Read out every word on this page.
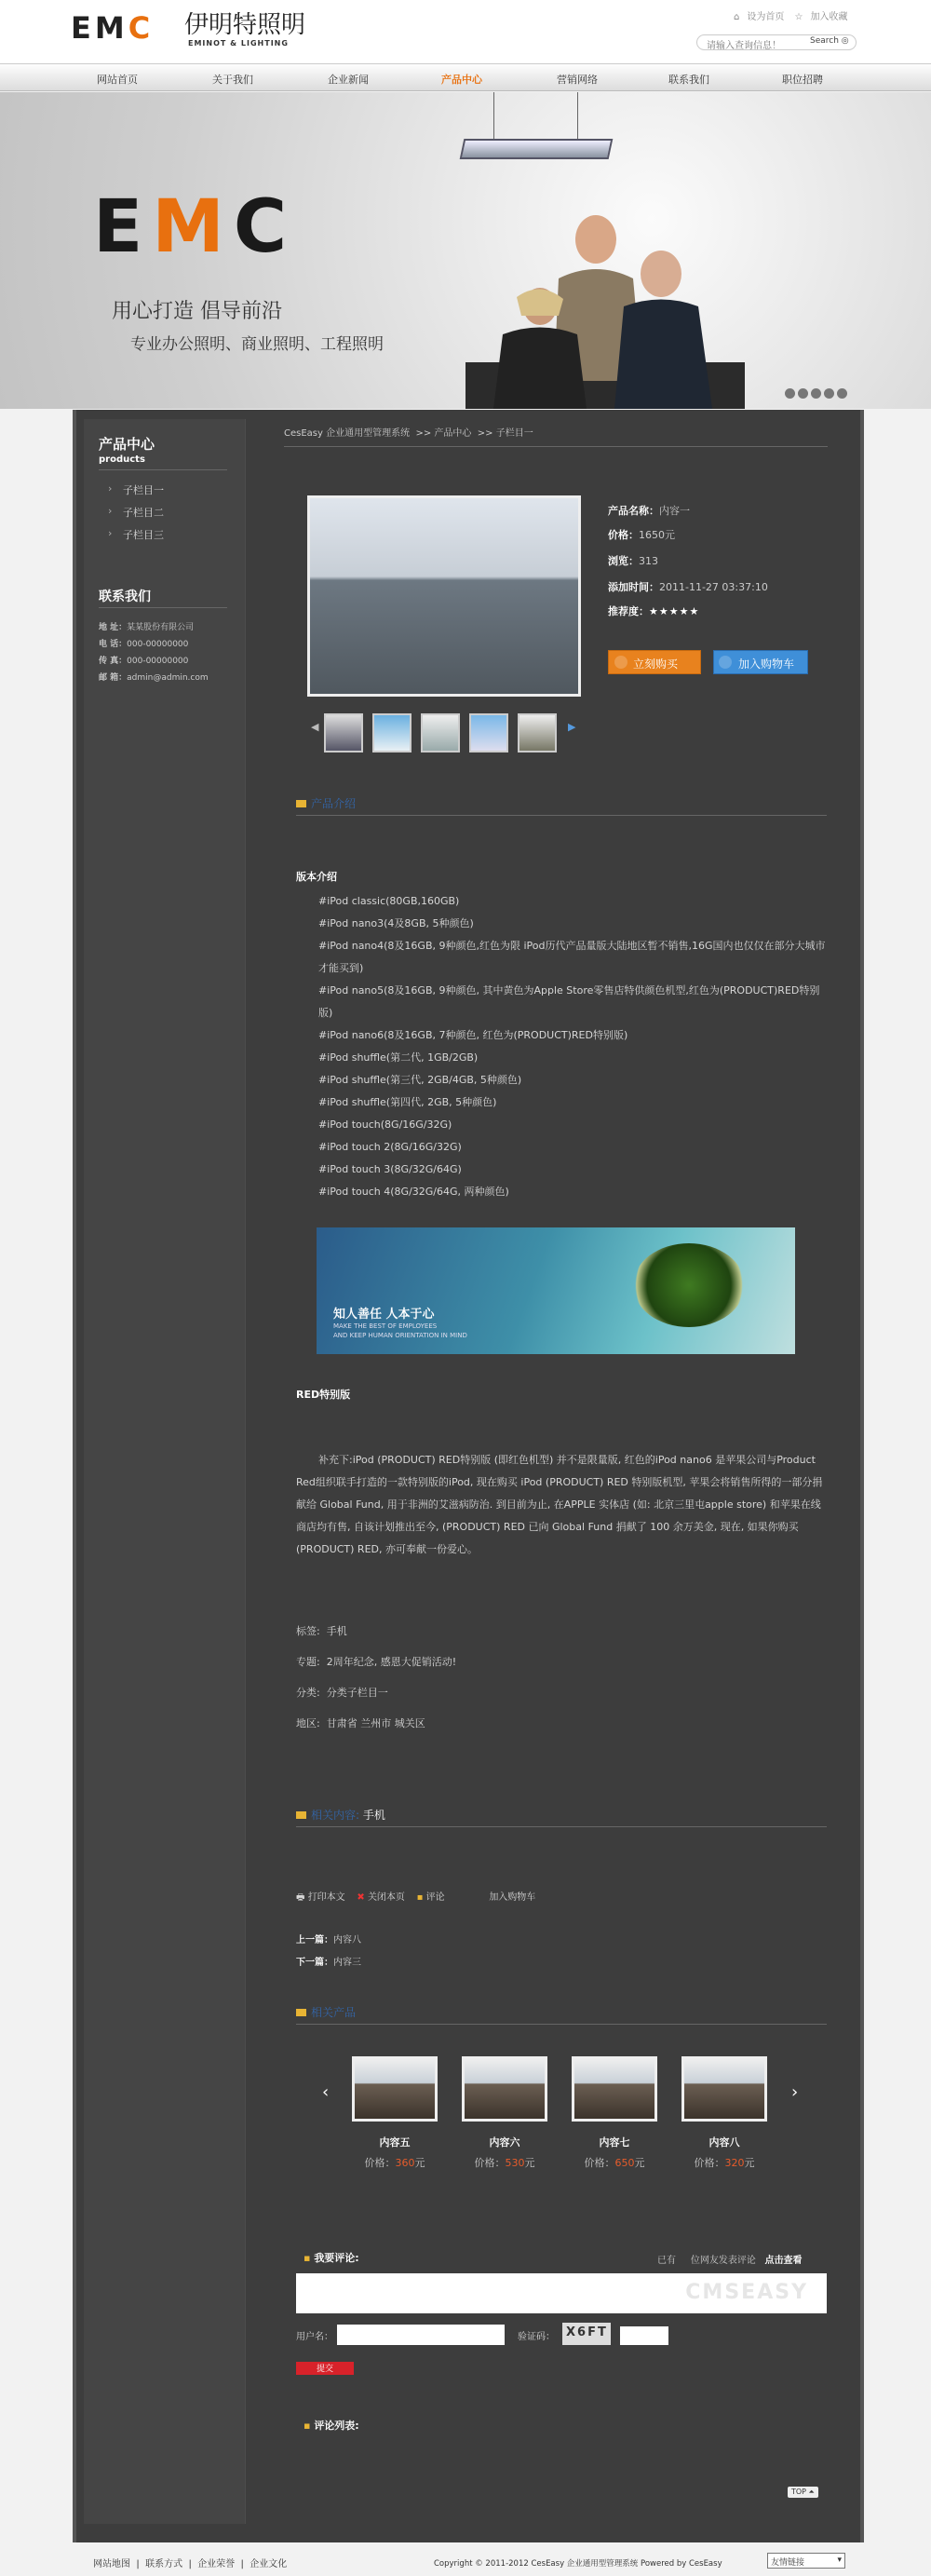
EMC 伊明特照明
EMINOT & LIGHTING
⌂ 设为首页 ☆ 加入收藏
请输入查询信息！	Search ◎
网站首页	关于我们	企业新闻	产品中心	营销网络	联系我们	职位招聘
EMC
用心打造 倡导前沿
专业办公照明、商业照明、工程照明
产品中心
products
› 子栏目一
› 子栏目二
› 子栏目三
联系我们
地 址：某某股份有限公司
电 话：000-00000000
传 真：000-00000000
邮 箱：admin@admin.com
CesEasy 企业通用型管理系统 >> 产品中心 >> 子栏目一
◀	▶
产品名称：内容一
价格：1650元
浏览：313
添加时间：2011-11-27 03:37:10
推荐度：★★★★★
立刻购买	加入购物车
产品介绍
版本介绍
#iPod classic(80GB,160GB)
#iPod nano3(4及8GB, 5种颜色)
#iPod nano4(8及16GB, 9种颜色,红色为限 iPod历代产品量版大陆地区暂不销售,16G国内也仅仅在部分大城市才能买到)
#iPod nano5(8及16GB, 9种颜色, 其中黄色为Apple Store零售店特供颜色机型,红色为(PRODUCT)RED特别版)
#iPod nano6(8及16GB, 7种颜色, 红色为(PRODUCT)RED特别版)
#iPod shuffle(第二代, 1GB/2GB)
#iPod shuffle(第三代, 2GB/4GB, 5种颜色)
#iPod shuffle(第四代, 2GB, 5种颜色)
#iPod touch(8G/16G/32G)
#iPod touch 2(8G/16G/32G)
#iPod touch 3(8G/32G/64G)
#iPod touch 4(8G/32G/64G, 两种颜色)
知人善任 人本于心
MAKE THE BEST OF EMPLOYEES
AND KEEP HUMAN ORIENTATION IN MIND
RED特别版
补充下:iPod (PRODUCT) RED特别版 (即红色机型) 并不是限量版, 红色的iPod nano6 是苹果公司与Product Red组织联手打造的一款特别版的iPod, 现在购买 iPod (PRODUCT) RED 特别版机型, 苹果会将销售所得的一部分捐献给 Global Fund, 用于非洲的艾滋病防治. 到目前为止, 在APPLE 实体店 (如: 北京三里屯apple store) 和苹果在线商店均有售, 自该计划推出至今, (PRODUCT) RED 已向 Global Fund 捐献了 100 余万美金, 现在, 如果你购买 (PRODUCT) RED, 亦可奉献一份爱心。
标签: 手机
专题: 2周年纪念, 感恩大促销活动!
分类: 分类子栏目一
地区: 甘肃省 兰州市 城关区
相关内容: 手机
🖶 打印本文 ✖ 关闭本页 ▪ 评论	加入购物车
上一篇：内容八
下一篇：内容三
相关产品
‹	›
内容五	内容六	内容七	内容八
价格：360元	价格：530元	价格：650元	价格：320元
▪ 我要评论:	已有 位网友发表评论 点击查看
CMSEASY
用户名：	验证码： X6FT
提交
▪ 评论列表:
TOP ⏶
网站地图  |  联系方式  |  企业荣誉  |  企业文化	Copyright © 2011-2012 CesEasy 企业通用型管理系统 Powered by CesEasy	友情链接	▾
